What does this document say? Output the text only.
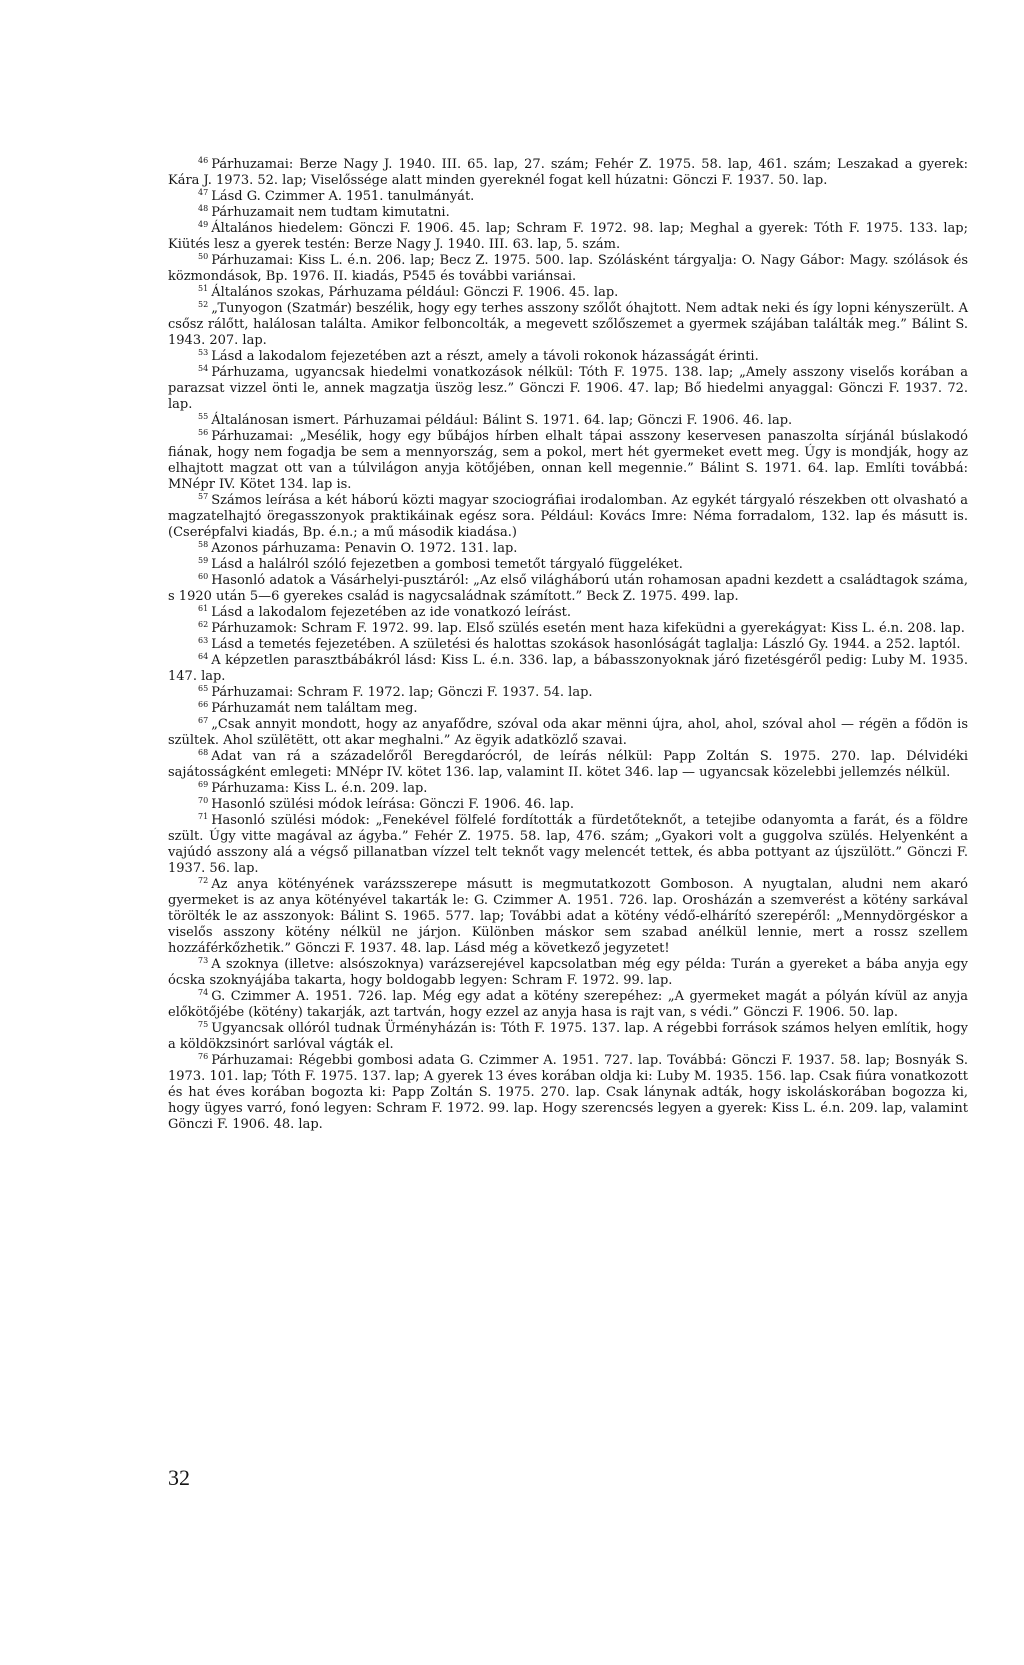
$^{46}$ Párhuzamai: Berze Nagy J. 1940. III. 65. lap, 27. szám; Fehér Z. 1975. 58. lap, 461. szám; Leszakad a gyerek: Kára J. 1973. 52. lap; Viselőssége alatt minden gyereknél fogat kell húzatni: Gönczi F. 1937. 50. lap.

$^{47}$ Lásd G. Czimmer A. 1951. tanulmányát.

$^{48}$ Párhuzamait nem tudtam kimutatni.

$^{49}$ Általános hiedelem: Gönczi F. 1906. 45. lap; Schram F. 1972. 98. lap; Meghal a gyerek: Tóth F. 1975. 133. lap; Kiütés lesz a gyerek testén: Berze Nagy J. 1940. III. 63. lap, 5. szám.

$^{50}$ Párhuzamai: Kiss L. é.n. 206. lap; Becz Z. 1975. 500. lap. Szólásként tárgyalja: O. Nagy Gábor: Magy. szólások és közmondások, Bp. 1976. II. kiadás, P545 és további variánsai.

$^{51}$ Általános szokas, Párhuzama például: Gönczi F. 1906. 45. lap.

$^{52}$ „Tunyogon (Szatmár) beszélik, hogy egy terhes asszony szőlőt óhajtott. Nem adtak neki és így lopni kényszerült. A csősz rálőtt, halálosan találta. Amikor felboncolták, a megevett szőlőszemet a gyermek szájában találták meg.” Bálint S. 1943. 207. lap.

$^{53}$ Lásd a lakodalom fejezetében azt a részt, amely a távoli rokonok házasságát érinti.

$^{54}$ Párhuzama, ugyancsak hiedelmi vonatkozások nélkül: Tóth F. 1975. 138. lap; „Amely asszony viselős korában a parazsat vizzel önti le, annek magzatja üszög lesz.” Gönczi F. 1906. 47. lap; Bő hiedelmi anyaggal: Gönczi F. 1937. 72. lap.

$^{55}$ Általánosan ismert. Párhuzamai például: Bálint S. 1971. 64. lap; Gönczi F. 1906. 46. lap.

$^{56}$ Párhuzamai: „Mesélik, hogy egy bűbájos hírben elhalt tápai asszony keservesen panaszolta sírjánál búslakodó fiának, hogy nem fogadja be sem a mennyország, sem a pokol, mert hét gyermeket evett meg. Úgy is mondják, hogy az elhajtott magzat ott van a túlvilágon anyja kötőjében, onnan kell megennie.” Bálint S. 1971. 64. lap. Említi továbbá: MNépr IV. Kötet 134. lap is.

$^{57}$ Számos leírása a két háború közti magyar szociográfiai irodalomban. Az egykét tárgyaló részekben ott olvasható a magzatelhajtó öregasszonyok praktikáinak egész sora. Például: Kovács Imre: Néma forradalom, 132. lap és másutt is. (Cserépfalvi kiadás, Bp. é.n.; a mű második kiadása.)

$^{58}$ Azonos párhuzama: Penavin O. 1972. 131. lap.

$^{59}$ Lásd a halálról szóló fejezetben a gombosi temetőt tárgyaló függeléket.

$^{60}$ Hasonló adatok a Vásárhelyi-pusztáról: „Az első világháború után rohamosan apadni kezdett a családtagok száma, s 1920 után 5—6 gyerekes család is nagycsaládnak számított.” Beck Z. 1975. 499. lap.

$^{61}$ Lásd a lakodalom fejezetében az ide vonatkozó leírást.

$^{62}$ Párhuzamok: Schram F. 1972. 99. lap. Első szülés esetén ment haza kifeküdni a gyerekágyat: Kiss L. é.n. 208. lap.

$^{63}$ Lásd a temetés fejezetében. A születési és halottas szokások hasonlóságát taglalja: László Gy. 1944. a 252. laptól.

$^{64}$ A képzetlen parasztbábákról lásd: Kiss L. é.n. 336. lap, a bábasszonyoknak járó fizetésgéről pedig: Luby M. 1935. 147. lap.

$^{65}$ Párhuzamai: Schram F. 1972. lap; Gönczi F. 1937. 54. lap.

$^{66}$ Párhuzamát nem találtam meg.

$^{67}$ „Csak annyit mondott, hogy az anyafődre, szóval oda akar mënni újra, ahol, ahol, szóval ahol — régën a fődön is szültek. Ahol szülëtëtt, ott akar meghalni.” Az ëgyik adatközlő szavai.

$^{68}$ Adat van rá a századelőről Beregdarócról, de leírás nélkül: Papp Zoltán S. 1975. 270. lap. Délvidéki sajátosságként emlegeti: MNépr IV. kötet 136. lap, valamint II. kötet 346. lap — ugyancsak közelebbi jellemzés nélkül.

$^{69}$ Párhuzama: Kiss L. é.n. 209. lap.

$^{70}$ Hasonló szülési módok leírása: Gönczi F. 1906. 46. lap.

$^{71}$ Hasonló szülési módok: „Fenekével fölfelé fordították a fürdetőteknőt, a tetejibe odanyomta a farát, és a földre szült. Úgy vitte magával az ágyba.” Fehér Z. 1975. 58. lap, 476. szám; „Gyakori volt a guggolva szülés. Helyenként a vajúdó asszony alá a végső pillanatban vízzel telt teknőt vagy melencét tettek, és abba pottyant az újszülött.” Gönczi F. 1937. 56. lap.

$^{72}$ Az anya kötényének varázsszerepe másutt is megmutatkozott Gomboson. A nyugtalan, aludni nem akaró gyermeket is az anya kötényével takarták le: G. Czimmer A. 1951. 726. lap. Orosházán a szemverést a kötény sarkával törölték le az asszonyok: Bálint S. 1965. 577. lap; További adat a kötény védő-elhárító szerepéről: „Mennydörgéskor a viselős asszony kötény nélkül ne járjon. Különben máskor sem szabad anélkül lennie, mert a rossz szellem hozzáférkőzhetik.” Gönczi F. 1937. 48. lap. Lásd még a következő jegyzetet!

$^{73}$ A szoknya (illetve: alsószoknya) varázserejével kapcsolatban még egy példa: Turán a gyereket a bába anyja egy ócska szoknyájába takarta, hogy boldogabb legyen: Schram F. 1972. 99. lap.

$^{74}$ G. Czimmer A. 1951. 726. lap. Még egy adat a kötény szerepéhez: „A gyermeket magát a pólyán kívül az anyja előkötőjébe (kötény) takarják, azt tartván, hogy ezzel az anyja hasa is rajt van, s védi.” Gönczi F. 1906. 50. lap.

$^{75}$ Ugyancsak ollóról tudnak Ürményházán is: Tóth F. 1975. 137. lap. A régebbi források számos helyen említik, hogy a köldökzsinórt sarlóval vágták el.

$^{76}$ Párhuzamai: Régebbi gombosi adata G. Czimmer A. 1951. 727. lap. Továbbá: Gönczi F. 1937. 58. lap; Bosnyák S. 1973. 101. lap; Tóth F. 1975. 137. lap; A gyerek 13 éves korában oldja ki: Luby M. 1935. 156. lap. Csak fiúra vonatkozott és hat éves korában bogozta ki: Papp Zoltán S. 1975. 270. lap. Csak lánynak adták, hogy iskoláskorában bogozza ki, hogy ügyes varró, fonó legyen: Schram F. 1972. 99. lap. Hogy szerencsés legyen a gyerek: Kiss L. é.n. 209. lap, valamint Gönczi F. 1906. 48. lap.

32
